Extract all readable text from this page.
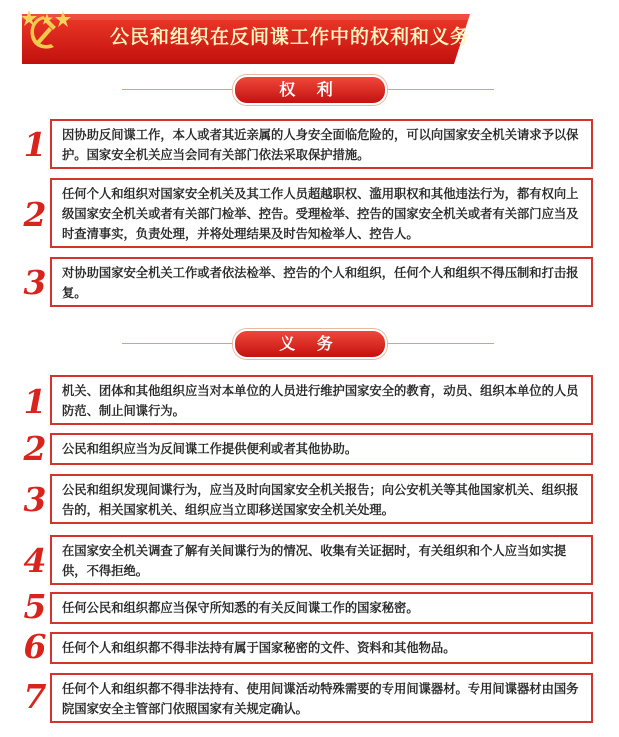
公民和组织在反间谍工作中的权利和义务
权 利
1	因协助反间谍工作，本人或者其近亲属的人身安全面临危险的，可以向国家安全机关请求予以保护。国家安全机关应当会同有关部门依法采取保护措施。
2
任何个人和组织对国家安全机关及其工作人员超越职权、滥用职权和其他违法行为，都有权向上级国家安全机关或者有关部门检举、控告。受理检举、控告的国家安全机关或者有关部门应当及时查清事实，负责处理，并将处理结果及时告知检举人、控告人。
3	对协助国家安全机关工作或者依法检举、控告的个人和组织，任何个人和组织不得压制和打击报复。
义 务
1	机关、团体和其他组织应当对本单位的人员进行维护国家安全的教育，动员、组织本单位的人员防范、制止间谍行为。
2	公民和组织应当为反间谍工作提供便利或者其他协助。
3	公民和组织发现间谍行为，应当及时向国家安全机关报告；向公安机关等其他国家机关、组织报告的，相关国家机关、组织应当立即移送国家安全机关处理。
4	在国家安全机关调查了解有关间谍行为的情况、收集有关证据时，有关组织和个人应当如实提供，不得拒绝。
5	任何公民和组织都应当保守所知悉的有关反间谍工作的国家秘密。
6	任何个人和组织都不得非法持有属于国家秘密的文件、资料和其他物品。
7	任何个人和组织都不得非法持有、使用间谍活动特殊需要的专用间谍器材。专用间谍器材由国务院国家安全主管部门依照国家有关规定确认。
